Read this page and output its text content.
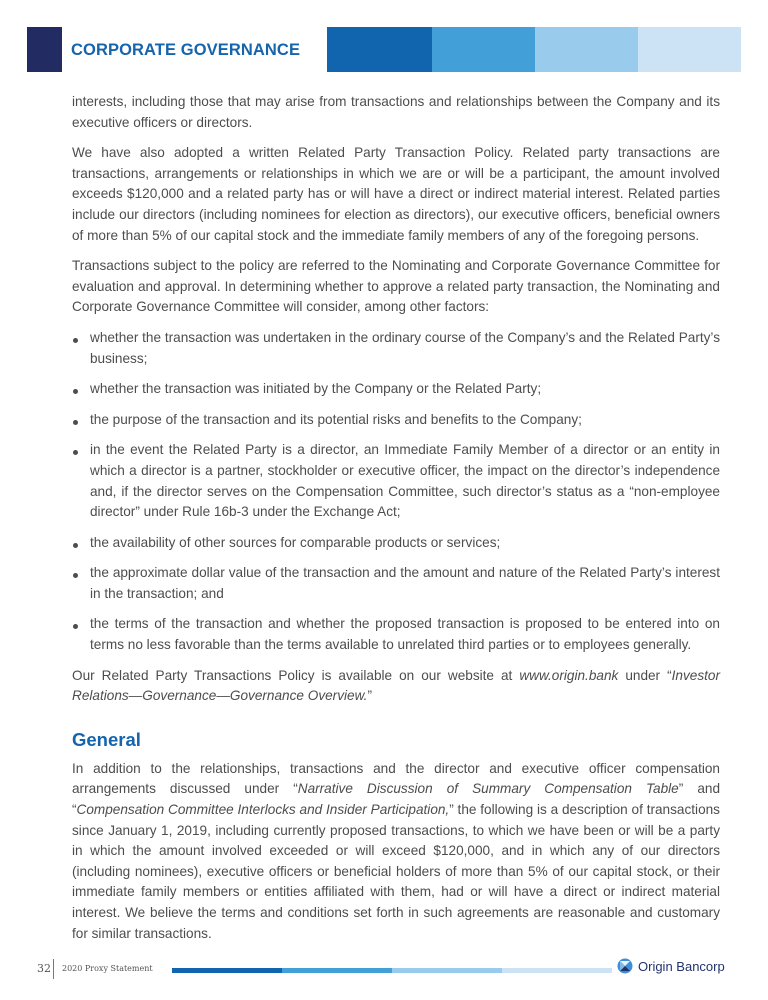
CORPORATE GOVERNANCE

interests, including those that may arise from transactions and relationships between the Company and its executive officers or directors.

We have also adopted a written Related Party Transaction Policy. Related party transactions are transactions, arrangements or relationships in which we are or will be a participant, the amount involved exceeds $120,000 and a related party has or will have a direct or indirect material interest. Related parties include our directors (including nominees for election as directors), our executive officers, beneficial owners of more than 5% of our capital stock and the immediate family members of any of the foregoing persons.

Transactions subject to the policy are referred to the Nominating and Corporate Governance Committee for evaluation and approval. In determining whether to approve a related party transaction, the Nominating and Corporate Governance Committee will consider, among other factors:

whether the transaction was undertaken in the ordinary course of the Company’s and the Related Party’s business;
whether the transaction was initiated by the Company or the Related Party;
the purpose of the transaction and its potential risks and benefits to the Company;
in the event the Related Party is a director, an Immediate Family Member of a director or an entity in which a director is a partner, stockholder or executive officer, the impact on the director’s independence and, if the director serves on the Compensation Committee, such director’s status as a “non-employee director” under Rule 16b-3 under the Exchange Act;
the availability of other sources for comparable products or services;
the approximate dollar value of the transaction and the amount and nature of the Related Party’s interest in the transaction; and
the terms of the transaction and whether the proposed transaction is proposed to be entered into on terms no less favorable than the terms available to unrelated third parties or to employees generally.

Our Related Party Transactions Policy is available on our website at www.origin.bank under “Investor Relations—Governance—Governance Overview.”

General

In addition to the relationships, transactions and the director and executive officer compensation arrangements discussed under “Narrative Discussion of Summary Compensation Table” and “Compensation Committee Interlocks and Insider Participation,” the following is a description of transactions since January 1, 2019, including currently proposed transactions, to which we have been or will be a party in which the amount involved exceeded or will exceed $120,000, and in which any of our directors (including nominees), executive officers or beneficial holders of more than 5% of our capital stock, or their immediate family members or entities affiliated with them, had or will have a direct or indirect material interest. We believe the terms and conditions set forth in such agreements are reasonable and customary for similar transactions.

32 2020 Proxy Statement	Origin Bancorp
